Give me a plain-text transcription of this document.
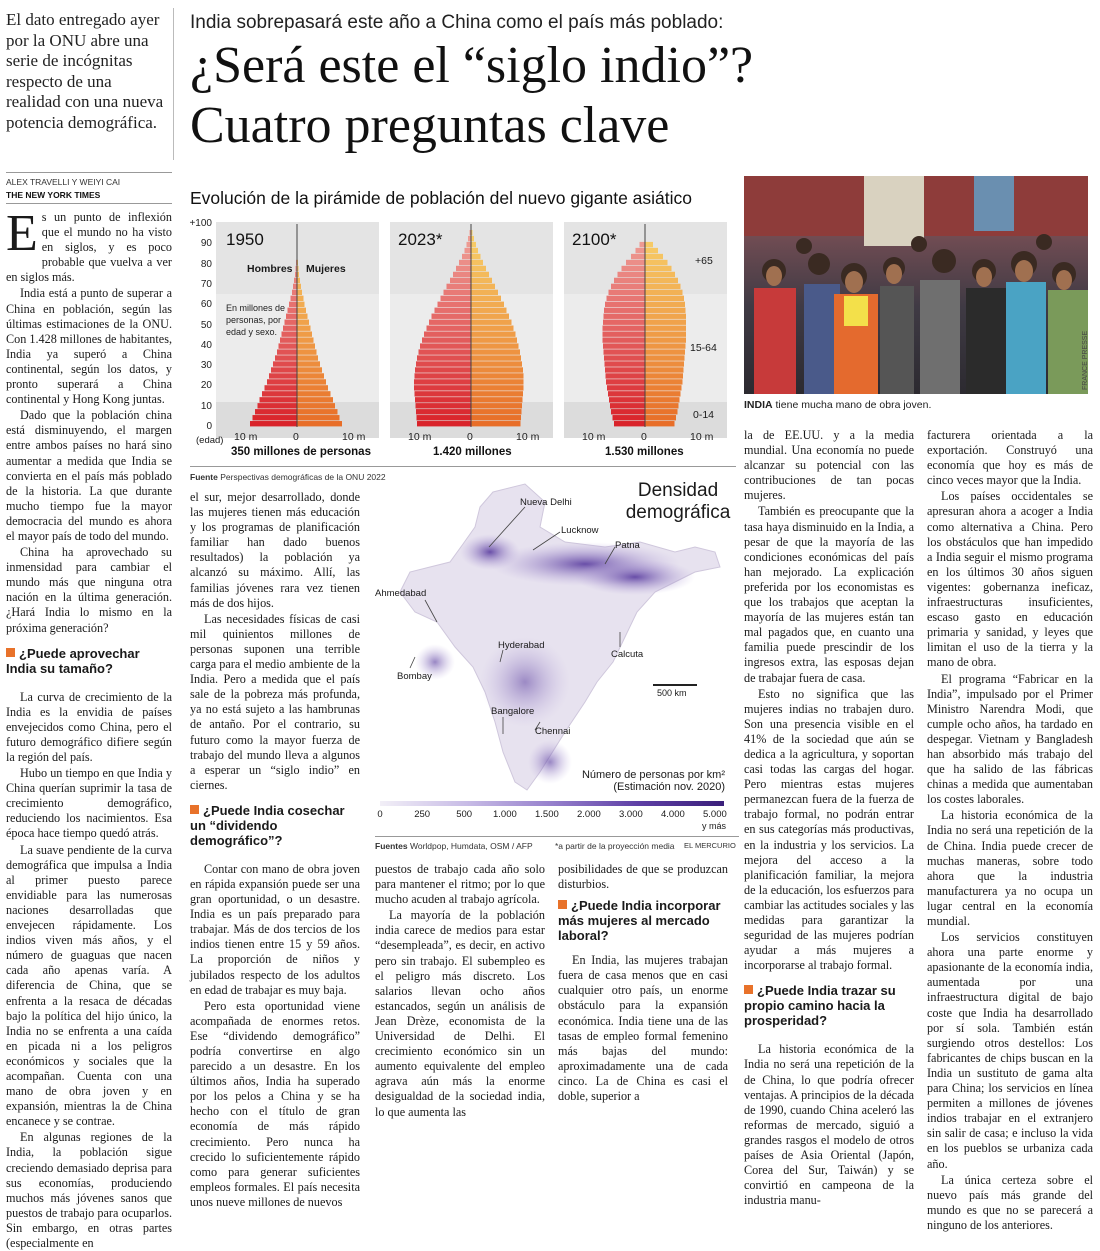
El dato entregado ayer por la ONU abre una serie de incógnitas respecto de una realidad con una nueva potencia demográfica.
India sobrepasará este año a China como el país más poblado:
¿Será este el “siglo indio”?
Cuatro preguntas clave
ALEX TRAVELLI Y WEIYI CAI
THE NEW YORK TIMES

Es un punto de inflexión que el mundo no ha visto en siglos, y es poco probable que vuelva a ver en siglos más.

India está a punto de superar a China en población, según las últimas estimaciones de la ONU. Con 1.428 millones de habitantes, India ya superó a China continental, según los datos, y pronto superará a China continental y Hong Kong juntas.

Dado que la población china está disminuyendo, el margen entre ambos países no hará sino aumentar a medida que India se convierta en el país más poblado de la historia. La que durante mucho tiempo fue la mayor democracia del mundo es ahora el mayor país de todo del mundo.

China ha aprovechado su inmensidad para cambiar el mundo más que ninguna otra nación en la última generación. ¿Hará India lo mismo en la próxima generación?

¿Puede aprovechar India su tamaño?

La curva de crecimiento de la India es la envidia de países envejecidos como China, pero el futuro demográfico difiere según la región del país.

Hubo un tiempo en que India y China querían suprimir la tasa de crecimiento demográfico, reduciendo los nacimientos. Esa época hace tiempo quedó atrás.

La suave pendiente de la curva demográfica que impulsa a India al primer puesto parece envidiable para las numerosas naciones desarrolladas que envejecen rápidamente. Los indios viven más años, y el número de guaguas que nacen cada año apenas varía. A diferencia de China, que se enfrenta a la resaca de décadas bajo la política del hijo único, la India no se enfrenta a una caída en picada ni a los peligros económicos y sociales que la acompañan. Cuenta con una mano de obra joven y en expansión, mientras la de China encanece y se contrae.

En algunas regiones de la India, la población sigue creciendo demasiado deprisa para sus economías, produciendo muchos más jóvenes sanos que puestos de trabajo para ocuparlos. Sin embargo, en otras partes (especialmente en

Evolución de la pirámide de población del nuevo gigante asiático
1950	2023*	2100*
Hombres Mujeres
En millones de personas, por edad y sexo.
+65
15-64
0-14
+100
90
80
70
60
50
40
30
20
10
0
(edad) 10 m	0	10 m	10 m	0	10 m	10 m	0	10 m
350 millones de personas	1.420 millones	1.530 millones
Fuente Perspectivas demográficas de la ONU 2022
FRANCE PRESSE
INDIA tiene mucha mano de obra joven.
Nueva Delhi
Lucknow
Patna
Ahmedabad
Hyderabad
Calcuta
Bombay
Bangalore
Chennai
500 km
Densidad
demográfica
Número de personas por km²
(Estimación nov. 2020)
0	250	500 1.000 1.500 2.000 3.000 4.000 5.000
y más
Fuentes Worldpop, Humdata, OSM / AFP	*a partir de la proyección media EL MERCURIO

el sur, mejor desarrollado, donde las mujeres tienen más educación y los programas de planificación familiar han dado buenos resultados) la población ya alcanzó su máximo. Allí, las familias jóvenes rara vez tienen más de dos hijos.

Las necesidades físicas de casi mil quinientos millones de personas suponen una terrible carga para el medio ambiente de la India. Pero a medida que el país sale de la pobreza más profunda, ya no está sujeto a las hambrunas de antaño. Por el contrario, su futuro como la mayor fuerza de trabajo del mundo lleva a algunos a esperar un “siglo indio” en ciernes.

¿Puede India cosechar un “dividendo demográfico”?

Contar con mano de obra joven en rápida expansión puede ser una gran oportunidad, o un desastre. India es un país preparado para trabajar. Más de dos tercios de los indios tienen entre 15 y 59 años. La proporción de niños y jubilados respecto de los adultos en edad de trabajar es muy baja.

Pero esta oportunidad viene acompañada de enormes retos. Ese “dividendo demográfico” podría convertirse en algo parecido a un desastre. En los últimos años, India ha superado por los pelos a China y se ha hecho con el título de gran economía de más rápido crecimiento. Pero nunca ha crecido lo suficientemente rápido como para generar suficientes empleos formales. El país necesita unos nueve millones de nuevos

puestos de trabajo cada año solo para mantener el ritmo; por lo que mucho acuden al trabajo agrícola.

La mayoría de la población india carece de medios para estar “desempleada”, es decir, en activo pero sin trabajo. El subempleo es el peligro más discreto. Los salarios llevan ocho años estancados, según un análisis de Jean Drèze, economista de la Universidad de Delhi. El crecimiento económico sin un aumento equivalente del empleo agrava aún más la enorme desigualdad de la sociedad india, lo que aumenta las

posibilidades de que se produzcan disturbios.

¿Puede India incorporar más mujeres al mercado laboral?

En India, las mujeres trabajan fuera de casa menos que en casi cualquier otro país, un enorme obstáculo para la expansión económica. India tiene una de las tasas de empleo formal femenino más bajas del mundo: aproximadamente una de cada cinco. La de China es casi el doble, superior a

la de EE.UU. y a la media mundial. Una economía no puede alcanzar su potencial con las contribuciones de tan pocas mujeres.

También es preocupante que la tasa haya disminuido en la India, a pesar de que la mayoría de las condiciones económicas del país han mejorado. La explicación preferida por los economistas es que los trabajos que aceptan la mayoría de las mujeres están tan mal pagados que, en cuanto una familia puede prescindir de los ingresos extra, las esposas dejan de trabajar fuera de casa.

Esto no significa que las mujeres indias no trabajen duro. Son una presencia visible en el 41% de la sociedad que aún se dedica a la agricultura, y soportan casi todas las cargas del hogar. Pero mientras estas mujeres permanezcan fuera de la fuerza de trabajo formal, no podrán entrar en sus categorías más productivas, en la industria y los servicios. La mejora del acceso a la planificación familiar, la mejora de la educación, los esfuerzos para cambiar las actitudes sociales y las medidas para garantizar la seguridad de las mujeres podrían ayudar a más mujeres a incorporarse al trabajo formal.

¿Puede India trazar su propio camino hacia la prosperidad?

La historia económica de la India no será una repetición de la de China, lo que podría ofrecer ventajas. A principios de la década de 1990, cuando China aceleró las reformas de mercado, siguió a grandes rasgos el modelo de otros países de Asia Oriental (Japón, Corea del Sur, Taiwán) y se convirtió en campeona de la industria manu-

facturera orientada a la exportación. Construyó una economía que hoy es más de cinco veces mayor que la India.

Los países occidentales se apresuran ahora a acoger a India como alternativa a China. Pero los obstáculos que han impedido a India seguir el mismo programa en los últimos 30 años siguen vigentes: gobernanza ineficaz, infraestructuras insuficientes, escaso gasto en educación primaria y sanidad, y leyes que limitan el uso de la tierra y la mano de obra.

El programa “Fabricar en la India”, impulsado por el Primer Ministro Narendra Modi, que cumple ocho años, ha tardado en despegar. Vietnam y Bangladesh han absorbido más trabajo del que ha salido de las fábricas chinas a medida que aumentaban los costes laborales.

La historia económica de la India no será una repetición de la de China. India puede crecer de muchas maneras, sobre todo ahora que la industria manufacturera ya no ocupa un lugar central en la economía mundial.

Los servicios constituyen ahora una parte enorme y apasionante de la economía india, aumentada por una infraestructura digital de bajo coste que India ha desarrollado por sí sola. También están surgiendo otros destellos: Los fabricantes de chips buscan en la India un sustituto de gama alta para China; los servicios en línea permiten a millones de jóvenes indios trabajar en el extranjero sin salir de casa; e incluso la vida en los pueblos se urbaniza cada año.

La única certeza sobre el nuevo país más grande del mundo es que no se parecerá a ninguno de los anteriores.
